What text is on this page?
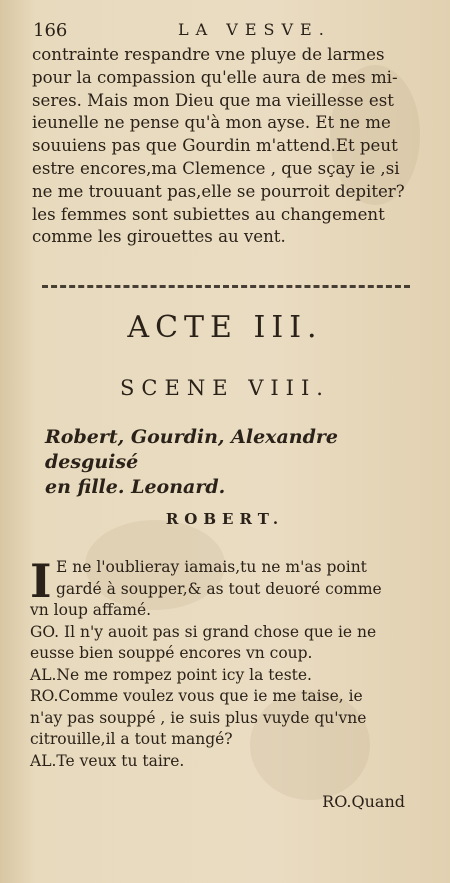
166	LA VESVE.
contrainte respandre vne pluye de larmes
pour la compassion qu'elle aura de mes mi-
seres. Mais mon Dieu que ma vieillesse est
ieunelle ne pense qu'à mon ayse. Et ne me
souuiens pas que Gourdin m'attend.Et peut
estre encores,ma Clemence , que sçay ie ,si
ne me trouuant pas,elle se pourroit depiter?
les femmes sont subiettes au changement
comme les girouettes au vent.
ACTE III.
SCENE VIII.
Robert, Gourdin, Alexandre desguisé
en fille. Leonard.
ROBERT.
I E ne l'oublieray iamais,tu ne m'as point
gardé à soupper,& as tout deuoré comme
vn loup affamé.
GO. Il n'y auoit pas si grand chose que ie ne
eusse bien souppé encores vn coup.
AL.Ne me rompez point icy la teste.
RO.Comme voulez vous que ie me taise, ie
n'ay pas souppé , ie suis plus vuyde qu'vne
citrouille,il a tout mangé?
AL.Te veux tu taire.
RO.Quand
